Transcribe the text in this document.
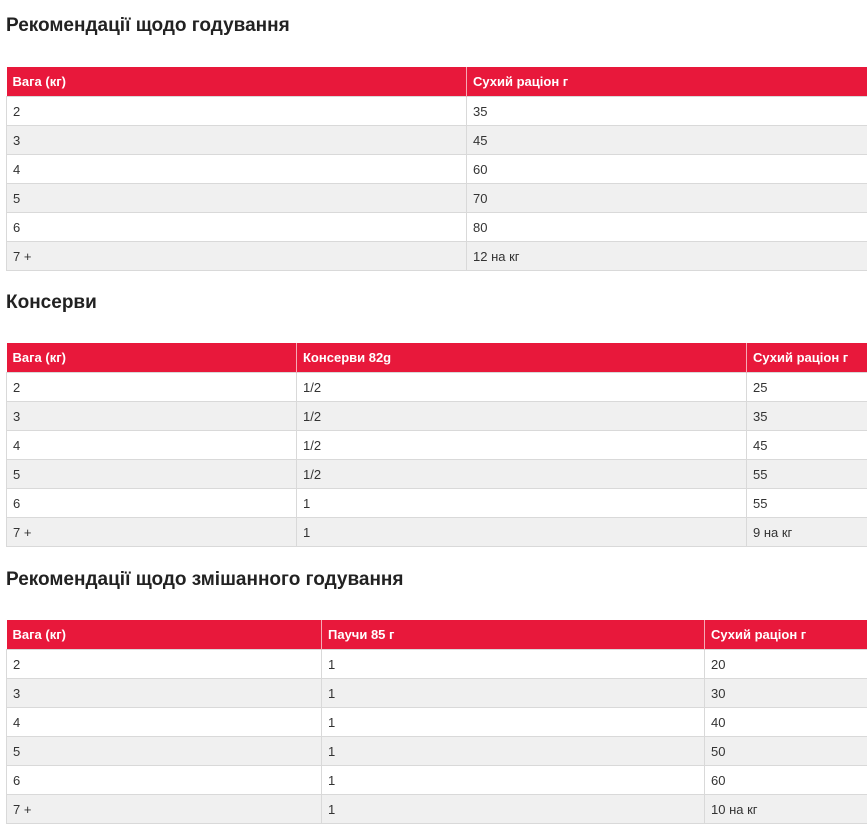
Рекомендації щодо годування
Вага (кг)	Сухий раціон г
2	35
3	45
4	60
5	70
6	80
7 +	12 на кг
Консерви
Вага (кг)	Консерви 82g	Сухий раціон г
2	1/2	25
3	1/2	35
4	1/2	45
5	1/2	55
6	1	55
7 +	1	9 на кг
Рекомендації щодо змішанного годування
Вага (кг)	Паучи 85 г	Сухий раціон г
2	1	20
3	1	30
4	1	40
5	1	50
6	1	60
7 +	1	10 на кг
